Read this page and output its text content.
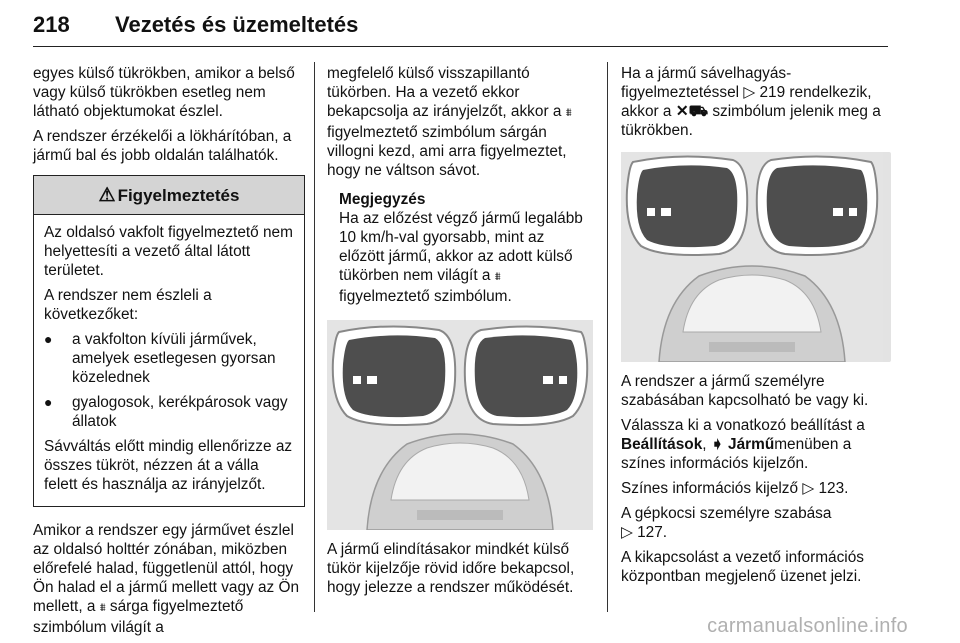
218 Vezetés és üzemeltetés

egyes külső tükrökben, amikor a belső vagy külső tükrökben esetleg nem látható objektumokat észlel.

A rendszer érzékelői a lökhárítóban, a jármű bal és jobb oldalán találhatók.

⚠ Figyelmeztetés

Az oldalsó vakfolt figyelmeztető nem helyettesíti a vezető által látott területet.

A rendszer nem észleli a következőket:

●	a vakfolton kívüli járművek, amelyek esetlegesen gyorsan közelednek
●	gyalogosok, kerékpárosok vagy állatok

Sávváltás előtt mindig ellenőrizze az összes tükröt, nézzen át a válla felett és használja az irányjelzőt.

Amikor a rendszer egy járművet észlel az oldalsó holttér zónában, miközben előrefelé halad, függetlenül attól, hogy Ön halad el a jármű mellett vagy az Ön mellett, a ⩩ sárga figyelmeztető szimbólum világít a

megfelelő külső visszapillantó tükörben. Ha a vezető ekkor bekapcsolja az irányjelzőt, akkor a ⩩ figyelmeztető szimbólum sárgán villogni kezd, ami arra figyelmeztet, hogy ne váltson sávot.

Megjegyzés
Ha az előzést végző jármű legalább 10 km/h-val gyorsabb, mint az előzött jármű, akkor az adott külső tükörben nem világít a ⩩ figyelmeztető szimbólum.

A jármű elindításakor mindkét külső tükör kijelzője rövid időre bekapcsol, hogy jelezze a rendszer működését.

Ha a jármű sávelhagyás-figyelmeztetéssel ▷ 219 rendelkezik, akkor a ✕⛟ szimbólum jelenik meg a tükrökben.

A rendszer a jármű személyre szabásában kapcsolható be vagy ki.

Válassza ki a vonatkozó beállítást a Beállítások, ➧ Járműmenüben a színes információs kijelzőn.

Színes információs kijelző ▷ 123.

A gépkocsi személyre szabása
▷ 127.

A kikapcsolást a vezető információs központban megjelenő üzenet jelzi.

carmanualsonline.info
